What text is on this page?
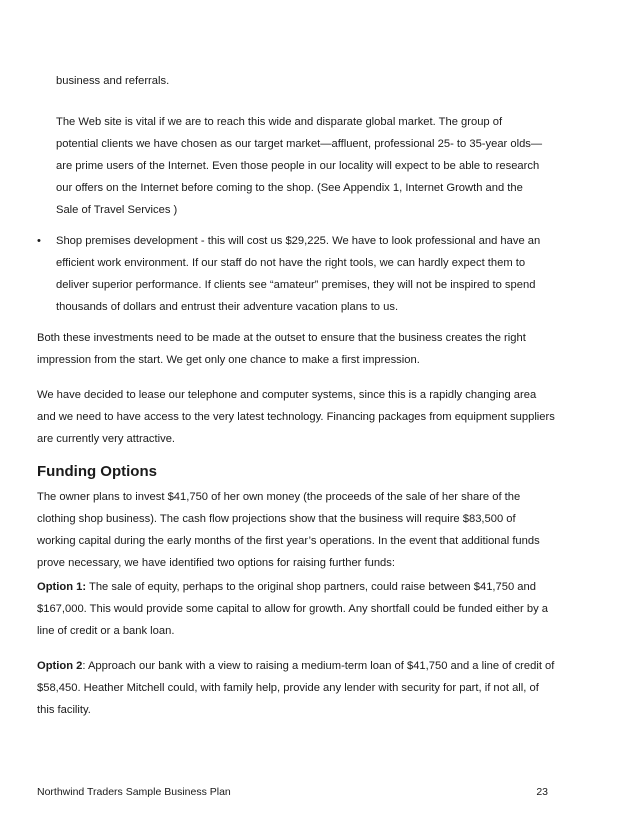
business and referrals.
The Web site is vital if we are to reach this wide and disparate global market. The group of potential clients we have chosen as our target market—affluent, professional 25- to 35-year olds—are prime users of the Internet. Even those people in our locality will expect to be able to research our offers on the Internet before coming to the shop. (See Appendix 1, Internet Growth and the Sale of Travel Services )
• Shop premises development - this will cost us $29,225. We have to look professional and have an efficient work environment. If our staff do not have the right tools, we can hardly expect them to deliver superior performance. If clients see “amateur” premises, they will not be inspired to spend thousands of dollars and entrust their adventure vacation plans to us.
Both these investments need to be made at the outset to ensure that the business creates the right impression from the start. We get only one chance to make a first impression.
We have decided to lease our telephone and computer systems, since this is a rapidly changing area and we need to have access to the very latest technology. Financing packages from equipment suppliers are currently very attractive.
Funding Options
The owner plans to invest $41,750 of her own money (the proceeds of the sale of her share of the clothing shop business). The cash flow projections show that the business will require $83,500 of working capital during the early months of the first year’s operations. In the event that additional funds prove necessary, we have identified two options for raising further funds:
Option 1: The sale of equity, perhaps to the original shop partners, could raise between $41,750 and $167,000. This would provide some capital to allow for growth. Any shortfall could be funded either by a line of credit or a bank loan.
Option 2: Approach our bank with a view to raising a medium-term loan of $41,750 and a line of credit of $58,450. Heather Mitchell could, with family help, provide any lender with security for part, if not all, of this facility.
Northwind Traders Sample Business Plan	23
